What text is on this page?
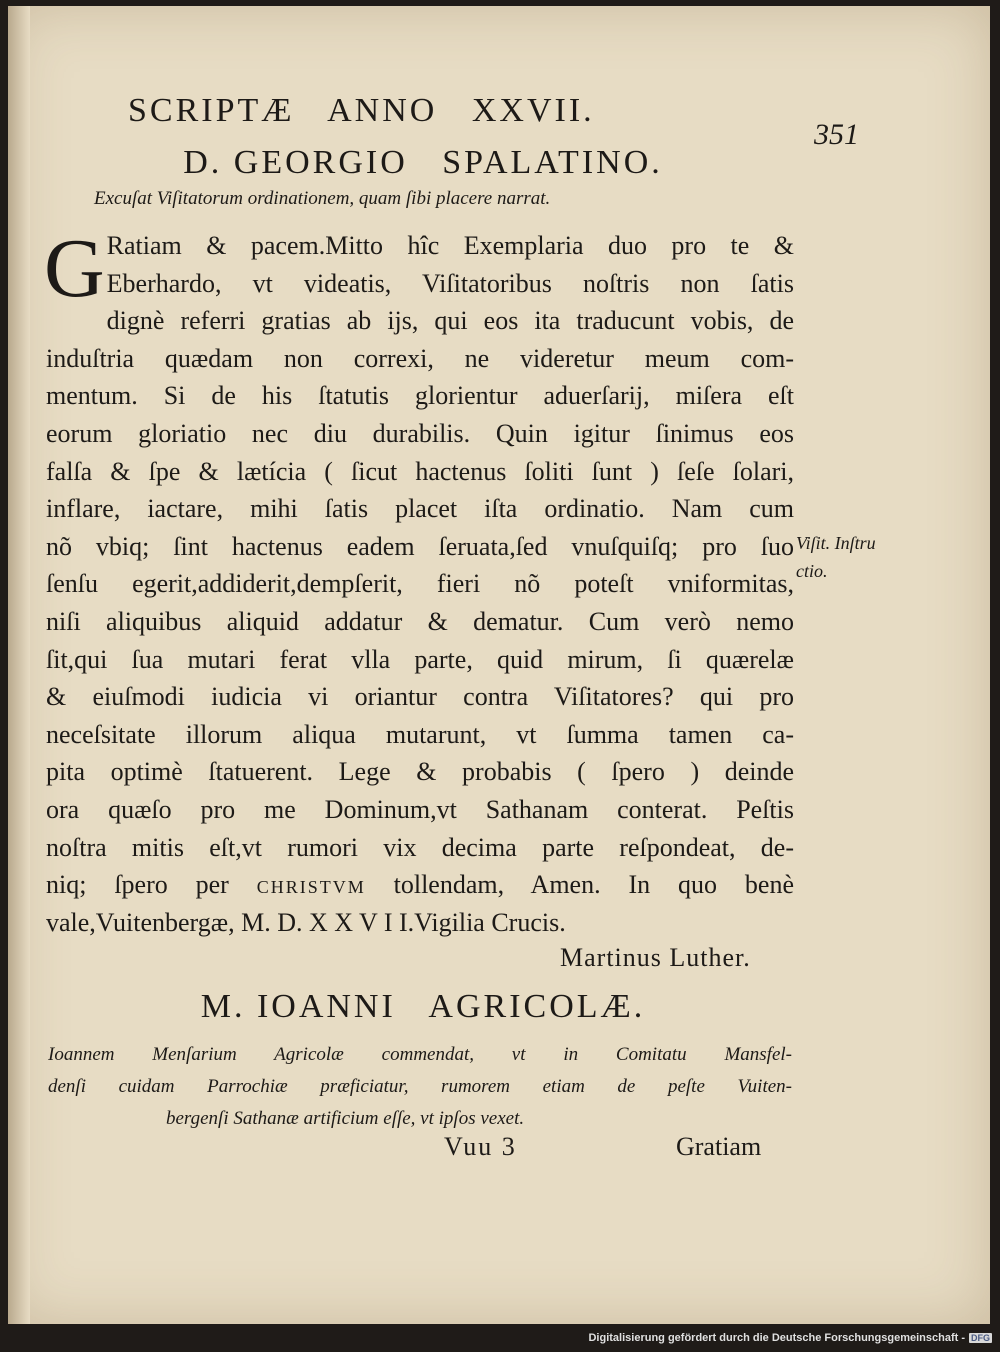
SCRIPTÆ   ANNO   XXVII.
351
D. GEORGIO   SPALATINO.
Excuſat Viſitatorum ordinationem, quam ſibi placere narrat.
G Ratiam & pacem.Mitto hîc Exemplaria duo pro te &
Eberhardo, vt videatis, Viſitatoribus noſtris non ſatis
dignè referri gratias ab ijs, qui eos ita traducunt vobis, de
induſtria quædam non correxi, ne videretur meum com-
mentum. Si de his ſtatutis glorientur aduerſarij, miſera eſt
eorum gloriatio nec diu durabilis. Quin igitur ſinimus eos
falſa & ſpe & lætícia ( ſicut hactenus ſoliti ſunt ) ſeſe ſolari,
inflare, iactare, mihi ſatis placet iſta ordinatio. Nam cum
nõ vbiq; ſint hactenus eadem ſeruata,ſed vnuſquiſq; pro ſuo
ſenſu egerit,addiderit,dempſerit, fieri nõ poteſt vniformitas,
niſi aliquibus aliquid addatur & dematur. Cum verò nemo
ſit,qui ſua mutari ferat vlla parte, quid mirum, ſi quærelæ
& eiuſmodi iudicia vi oriantur contra Viſitatores? qui pro
neceſsitate illorum aliqua mutarunt, vt ſumma tamen ca-
pita optimè ſtatuerent. Lege & probabis ( ſpero ) deinde
ora quæſo pro me Dominum,vt Sathanam conterat. Peſtis
noſtra mitis eſt,vt rumori vix decima parte reſpondeat, de-
niq; ſpero per CHRISTVM tollendam, Amen. In quo benè
vale,Vuitenbergæ, M. D. X X V I I.Vigilia Crucis.
Viſit. Inſtru
ctio.
Martinus Luther.
M. IOANNI   AGRICOLÆ.
Ioannem Menſarium Agricolæ commendat, vt in Comitatu Mansfel-
denſi cuidam Parrochiæ præficiatur, rumorem etiam de peſte Vuiten-
bergenſi Sathanæ artificium eſſe, vt ipſos vexet.
Vuu 3	Gratiam
Digitalisierung gefördert durch die Deutsche Forschungsgemeinschaft - DFG
